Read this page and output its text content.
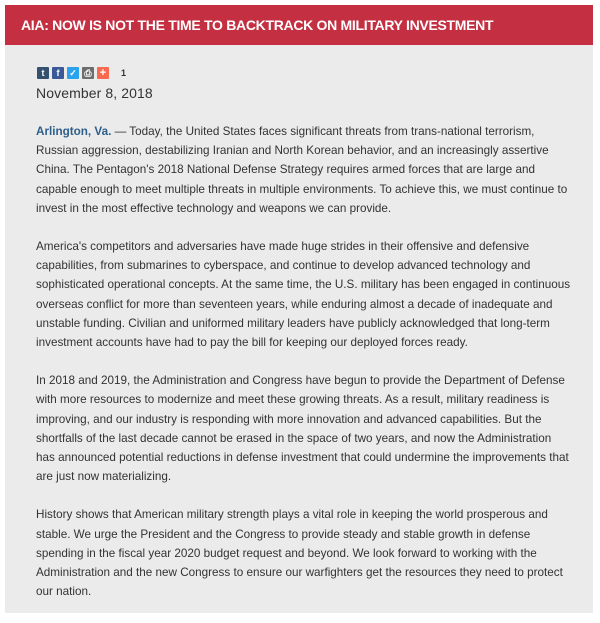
AIA: NOW IS NOT THE TIME TO BACKTRACK ON MILITARY INVESTMENT
t	f	✓ ⎙ +	1
November 8, 2018

Arlington, Va. — Today, the United States faces significant threats from trans-national terrorism, Russian aggression, destabilizing Iranian and North Korean behavior, and an increasingly assertive China. The Pentagon's 2018 National Defense Strategy requires armed forces that are large and capable enough to meet multiple threats in multiple environments. To achieve this, we must continue to invest in the most effective technology and weapons we can provide.

America's competitors and adversaries have made huge strides in their offensive and defensive capabilities, from submarines to cyberspace, and continue to develop advanced technology and sophisticated operational concepts. At the same time, the U.S. military has been engaged in continuous overseas conflict for more than seventeen years, while enduring almost a decade of inadequate and unstable funding. Civilian and uniformed military leaders have publicly acknowledged that long-term investment accounts have had to pay the bill for keeping our deployed forces ready.

In 2018 and 2019, the Administration and Congress have begun to provide the Department of Defense with more resources to modernize and meet these growing threats. As a result, military readiness is improving, and our industry is responding with more innovation and advanced capabilities. But the shortfalls of the last decade cannot be erased in the space of two years, and now the Administration has announced potential reductions in defense investment that could undermine the improvements that are just now materializing.

History shows that American military strength plays a vital role in keeping the world prosperous and stable. We urge the President and the Congress to provide steady and stable growth in defense spending in the fiscal year 2020 budget request and beyond. We look forward to working with the Administration and the new Congress to ensure our warfighters get the resources they need to protect our nation.
